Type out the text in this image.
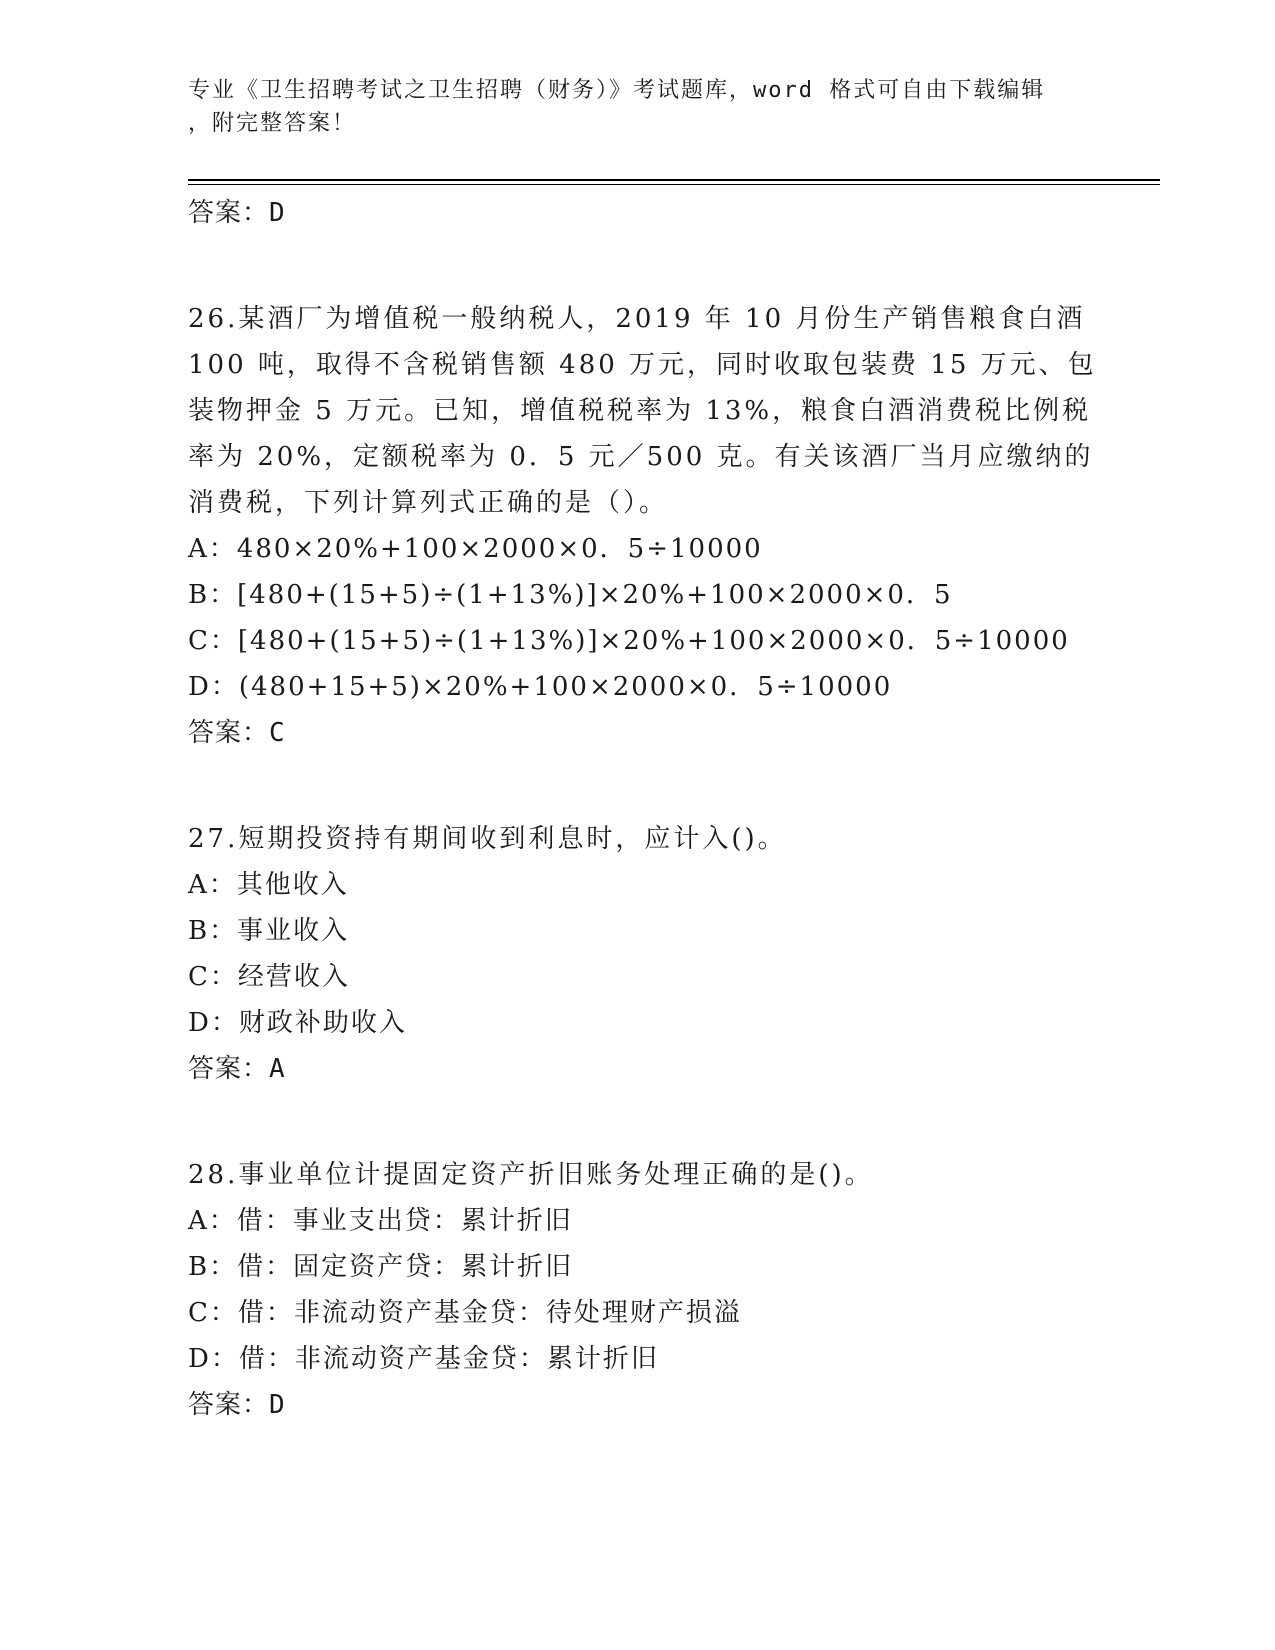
专业《卫生招聘考试之卫生招聘（财务）》考试题库，word 格式可自由下载编辑
，附完整答案！
答案：D
26.某酒厂为增值税一般纳税人，2019 年 10 月份生产销售粮食白酒 100 吨，取得不含税销售额 480 万元，同时收取包装费 15 万元、包装物押金 5 万元。已知，增值税税率为 13%，粮食白酒消费税比例税率为 20%，定额税率为 0．5 元／500 克。有关该酒厂当月应缴纳的消费税，下列计算列式正确的是（）。
A：480×20%+100×2000×0．5÷10000
B：[480+(15+5)÷(1+13%)]×20%+100×2000×0．5
C：[480+(15+5)÷(1+13%)]×20%+100×2000×0．5÷10000
D：(480+15+5)×20%+100×2000×0．5÷10000
答案：C
27.短期投资持有期间收到利息时，应计入()。
A：其他收入
B：事业收入
C：经营收入
D：财政补助收入
答案：A
28.事业单位计提固定资产折旧账务处理正确的是()。
A：借：事业支出贷：累计折旧
B：借：固定资产贷：累计折旧
C：借：非流动资产基金贷：待处理财产损溢
D：借：非流动资产基金贷：累计折旧
答案：D
